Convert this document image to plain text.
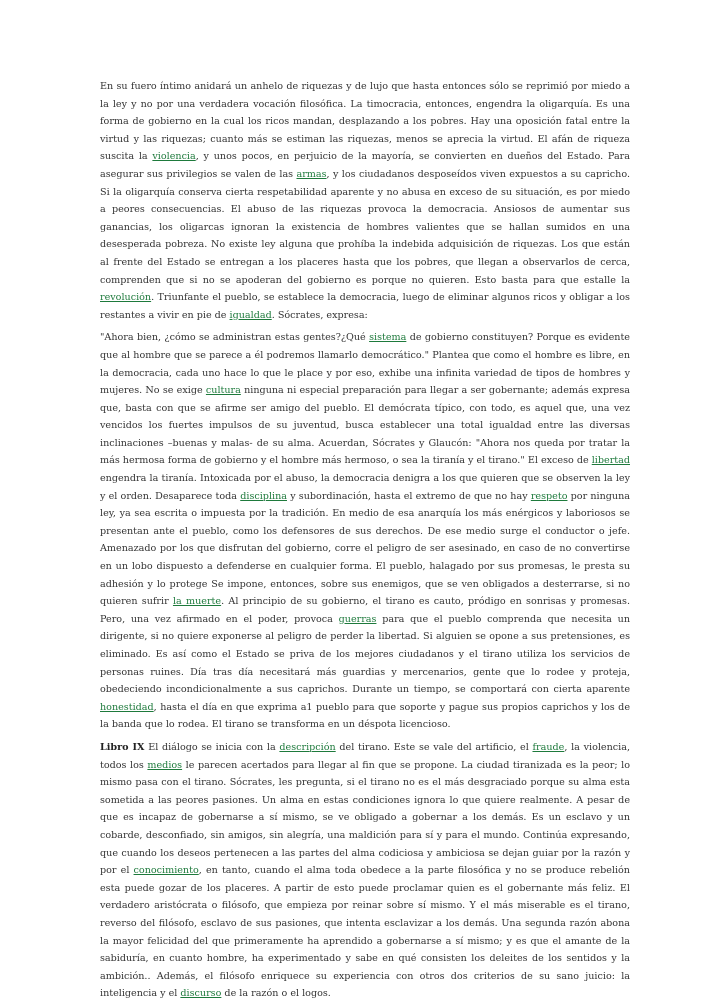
En su fuero íntimo anidará un anhelo de riquezas y de lujo que hasta entonces sólo se reprimió por miedo a la ley y no por una verdadera vocación filosófica. La timocracia, entonces, engendra la oligarquía. Es una forma de gobierno en la cual los ricos mandan, desplazando a los pobres. Hay una oposición fatal entre la virtud y las riquezas; cuanto más se estiman las riquezas, menos se aprecia la virtud. El afán de riqueza suscita la violencia, y unos pocos, en perjuicio de la mayoría, se convierten en dueños del Estado. Para asegurar sus privilegios se valen de las armas, y los ciudadanos desposeídos viven expuestos a su capricho. Si la oligarquía conserva cierta respetabilidad aparente y no abusa en exceso de su situación, es por miedo a peores consecuencias. El abuso de las riquezas provoca la democracia. Ansiosos de aumentar sus ganancias, los oligarcas ignoran la existencia de hombres valientes que se hallan sumidos en una desesperada pobreza. No existe ley alguna que prohíba la indebida adquisición de riquezas. Los que están al frente del Estado se entregan a los placeres hasta que los pobres, que llegan a observarlos de cerca, comprenden que si no se apoderan del gobierno es porque no quieren. Esto basta para que estalle la revolución. Triunfante el pueblo, se establece la democracia, luego de eliminar algunos ricos y obligar a los restantes a vivir en pie de igualdad. Sócrates, expresa:

"Ahora bien, ¿cómo se administran estas gentes?¿Qué sistema de gobierno constituyen? Porque es evidente que al hombre que se parece a él podremos llamarlo democrático." Plantea que como el hombre es libre, en la democracia, cada uno hace lo que le place y por eso, exhibe una infinita variedad de tipos de hombres y mujeres. No se exige cultura ninguna ni especial preparación para llegar a ser gobernante; además expresa que, basta con que se afirme ser amigo del pueblo. El demócrata típico, con todo, es aquel que, una vez vencidos los fuertes impulsos de su juventud, busca establecer una total igualdad entre las diversas inclinaciones –buenas y malas- de su alma. Acuerdan, Sócrates y Glaucón: "Ahora nos queda por tratar la más hermosa forma de gobierno y el hombre más hermoso, o sea la tiranía y el tirano." El exceso de libertad engendra la tiranía. Intoxicada por el abuso, la democracia denigra a los que quieren que se observen la ley y el orden. Desaparece toda disciplina y subordinación, hasta el extremo de que no hay respeto por ninguna ley, ya sea escrita o impuesta por la tradición. En medio de esa anarquía los más enérgicos y laboriosos se presentan ante el pueblo, como los defensores de sus derechos. De ese medio surge el conductor o jefe. Amenazado por los que disfrutan del gobierno, corre el peligro de ser asesinado, en caso de no convertirse en un lobo dispuesto a defenderse en cualquier forma. El pueblo, halagado por sus promesas, le presta su adhesión y lo protege Se impone, entonces, sobre sus enemigos, que se ven obligados a desterrarse, si no quieren sufrir la muerte. Al principio de su gobierno, el tirano es cauto, pródigo en sonrisas y promesas. Pero, una vez afirmado en el poder, provoca guerras para que el pueblo comprenda que necesita un dirigente, si no quiere exponerse al peligro de perder la libertad. Si alguien se opone a sus pretensiones, es eliminado. Es así como el Estado se priva de los mejores ciudadanos y el tirano utiliza los servicios de personas ruines. Día tras día necesitará más guardias y mercenarios, gente que lo rodee y proteja, obedeciendo incondicionalmente a sus caprichos. Durante un tiempo, se comportará con cierta aparente honestidad, hasta el día en que exprima a1 pueblo para que soporte y pague sus propios caprichos y los de la banda que lo rodea. El tirano se transforma en un déspota licencioso.

Libro IX El diálogo se inicia con la descripción del tirano. Este se vale del artificio, el fraude, la violencia, todos los medios le parecen acertados para llegar al fin que se propone. La ciudad tiranizada es la peor; lo mismo pasa con el tirano. Sócrates, les pregunta, si el tirano no es el más desgraciado porque su alma esta sometida a las peores pasiones. Un alma en estas condiciones ignora lo que quiere realmente. A pesar de que es incapaz de gobernarse a sí mismo, se ve obligado a gobernar a los demás. Es un esclavo y un cobarde, desconfiado, sin amigos, sin alegría, una maldición para sí y para el mundo. Continúa expresando, que cuando los deseos pertenecen a las partes del alma codiciosa y ambiciosa se dejan guiar por la razón y por el conocimiento, en tanto, cuando el alma toda obedece a la parte filosófica y no se produce rebelión esta puede gozar de los placeres. A partir de esto puede proclamar quien es el gobernante más feliz. El verdadero aristócrata o filósofo, que empieza por reinar sobre sí mismo. Y el más miserable es el tirano, reverso del filósofo, esclavo de sus pasiones, que intenta esclavizar a los demás. Una segunda razón abona la mayor felicidad del que primeramente ha aprendido a gobernarse a sí mismo; y es que el amante de la sabiduría, en cuanto hombre, ha experimentado y sabe en qué consisten los deleites de los sentidos y la ambición.. Además, el filósofo enriquece su experiencia con otros dos criterios de su sano juicio: la inteligencia y el discurso de la razón o el logos.
